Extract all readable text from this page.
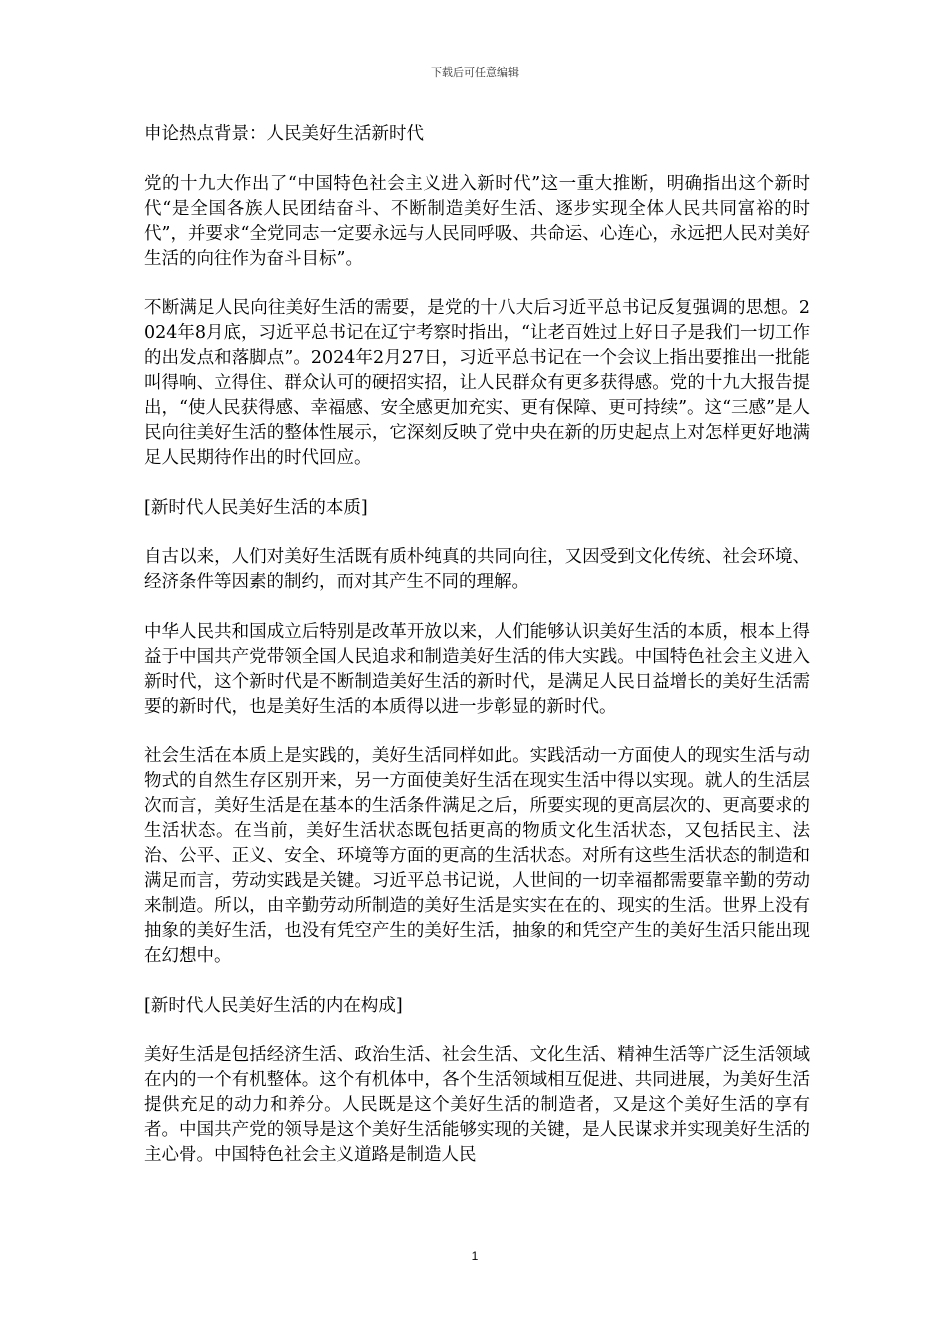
下载后可任意编辑

申论热点背景：人民美好生活新时代

党的十九大作出了“中国特色社会主义进入新时代”这一重大推断，明确指出这个新时代“是全国各族人民团结奋斗、不断制造美好生活、逐步实现全体人民共同富裕的时代”，并要求“全党同志一定要永远与人民同呼吸、共命运、心连心，永远把人民对美好生活的向往作为奋斗目标”。

不断满足人民向往美好生活的需要，是党的十八大后习近平总书记反复强调的思想。2024年8月底，习近平总书记在辽宁考察时指出，“让老百姓过上好日子是我们一切工作的出发点和落脚点”。2024年2月27日，习近平总书记在一个会议上指出要推出一批能叫得响、立得住、群众认可的硬招实招，让人民群众有更多获得感。党的十九大报告提出，“使人民获得感、幸福感、安全感更加充实、更有保障、更可持续”。这“三感”是人民向往美好生活的整体性展示，它深刻反映了党中央在新的历史起点上对怎样更好地满足人民期待作出的时代回应。

[新时代人民美好生活的本质]

自古以来，人们对美好生活既有质朴纯真的共同向往，又因受到文化传统、社会环境、经济条件等因素的制约，而对其产生不同的理解。

中华人民共和国成立后特别是改革开放以来，人们能够认识美好生活的本质，根本上得益于中国共产党带领全国人民追求和制造美好生活的伟大实践。中国特色社会主义进入新时代，这个新时代是不断制造美好生活的新时代，是满足人民日益增长的美好生活需要的新时代，也是美好生活的本质得以进一步彰显的新时代。

社会生活在本质上是实践的，美好生活同样如此。实践活动一方面使人的现实生活与动物式的自然生存区别开来，另一方面使美好生活在现实生活中得以实现。就人的生活层次而言，美好生活是在基本的生活条件满足之后，所要实现的更高层次的、更高要求的生活状态。在当前，美好生活状态既包括更高的物质文化生活状态，又包括民主、法治、公平、正义、安全、环境等方面的更高的生活状态。对所有这些生活状态的制造和满足而言，劳动实践是关键。习近平总书记说，人世间的一切幸福都需要靠辛勤的劳动来制造。所以，由辛勤劳动所制造的美好生活是实实在在的、现实的生活。世界上没有抽象的美好生活，也没有凭空产生的美好生活，抽象的和凭空产生的美好生活只能出现在幻想中。

[新时代人民美好生活的内在构成]

美好生活是包括经济生活、政治生活、社会生活、文化生活、精神生活等广泛生活领域在内的一个有机整体。这个有机体中，各个生活领域相互促进、共同进展，为美好生活提供充足的动力和养分。人民既是这个美好生活的制造者，又是这个美好生活的享有者。中国共产党的领导是这个美好生活能够实现的关键，是人民谋求并实现美好生活的主心骨。中国特色社会主义道路是制造人民

1
